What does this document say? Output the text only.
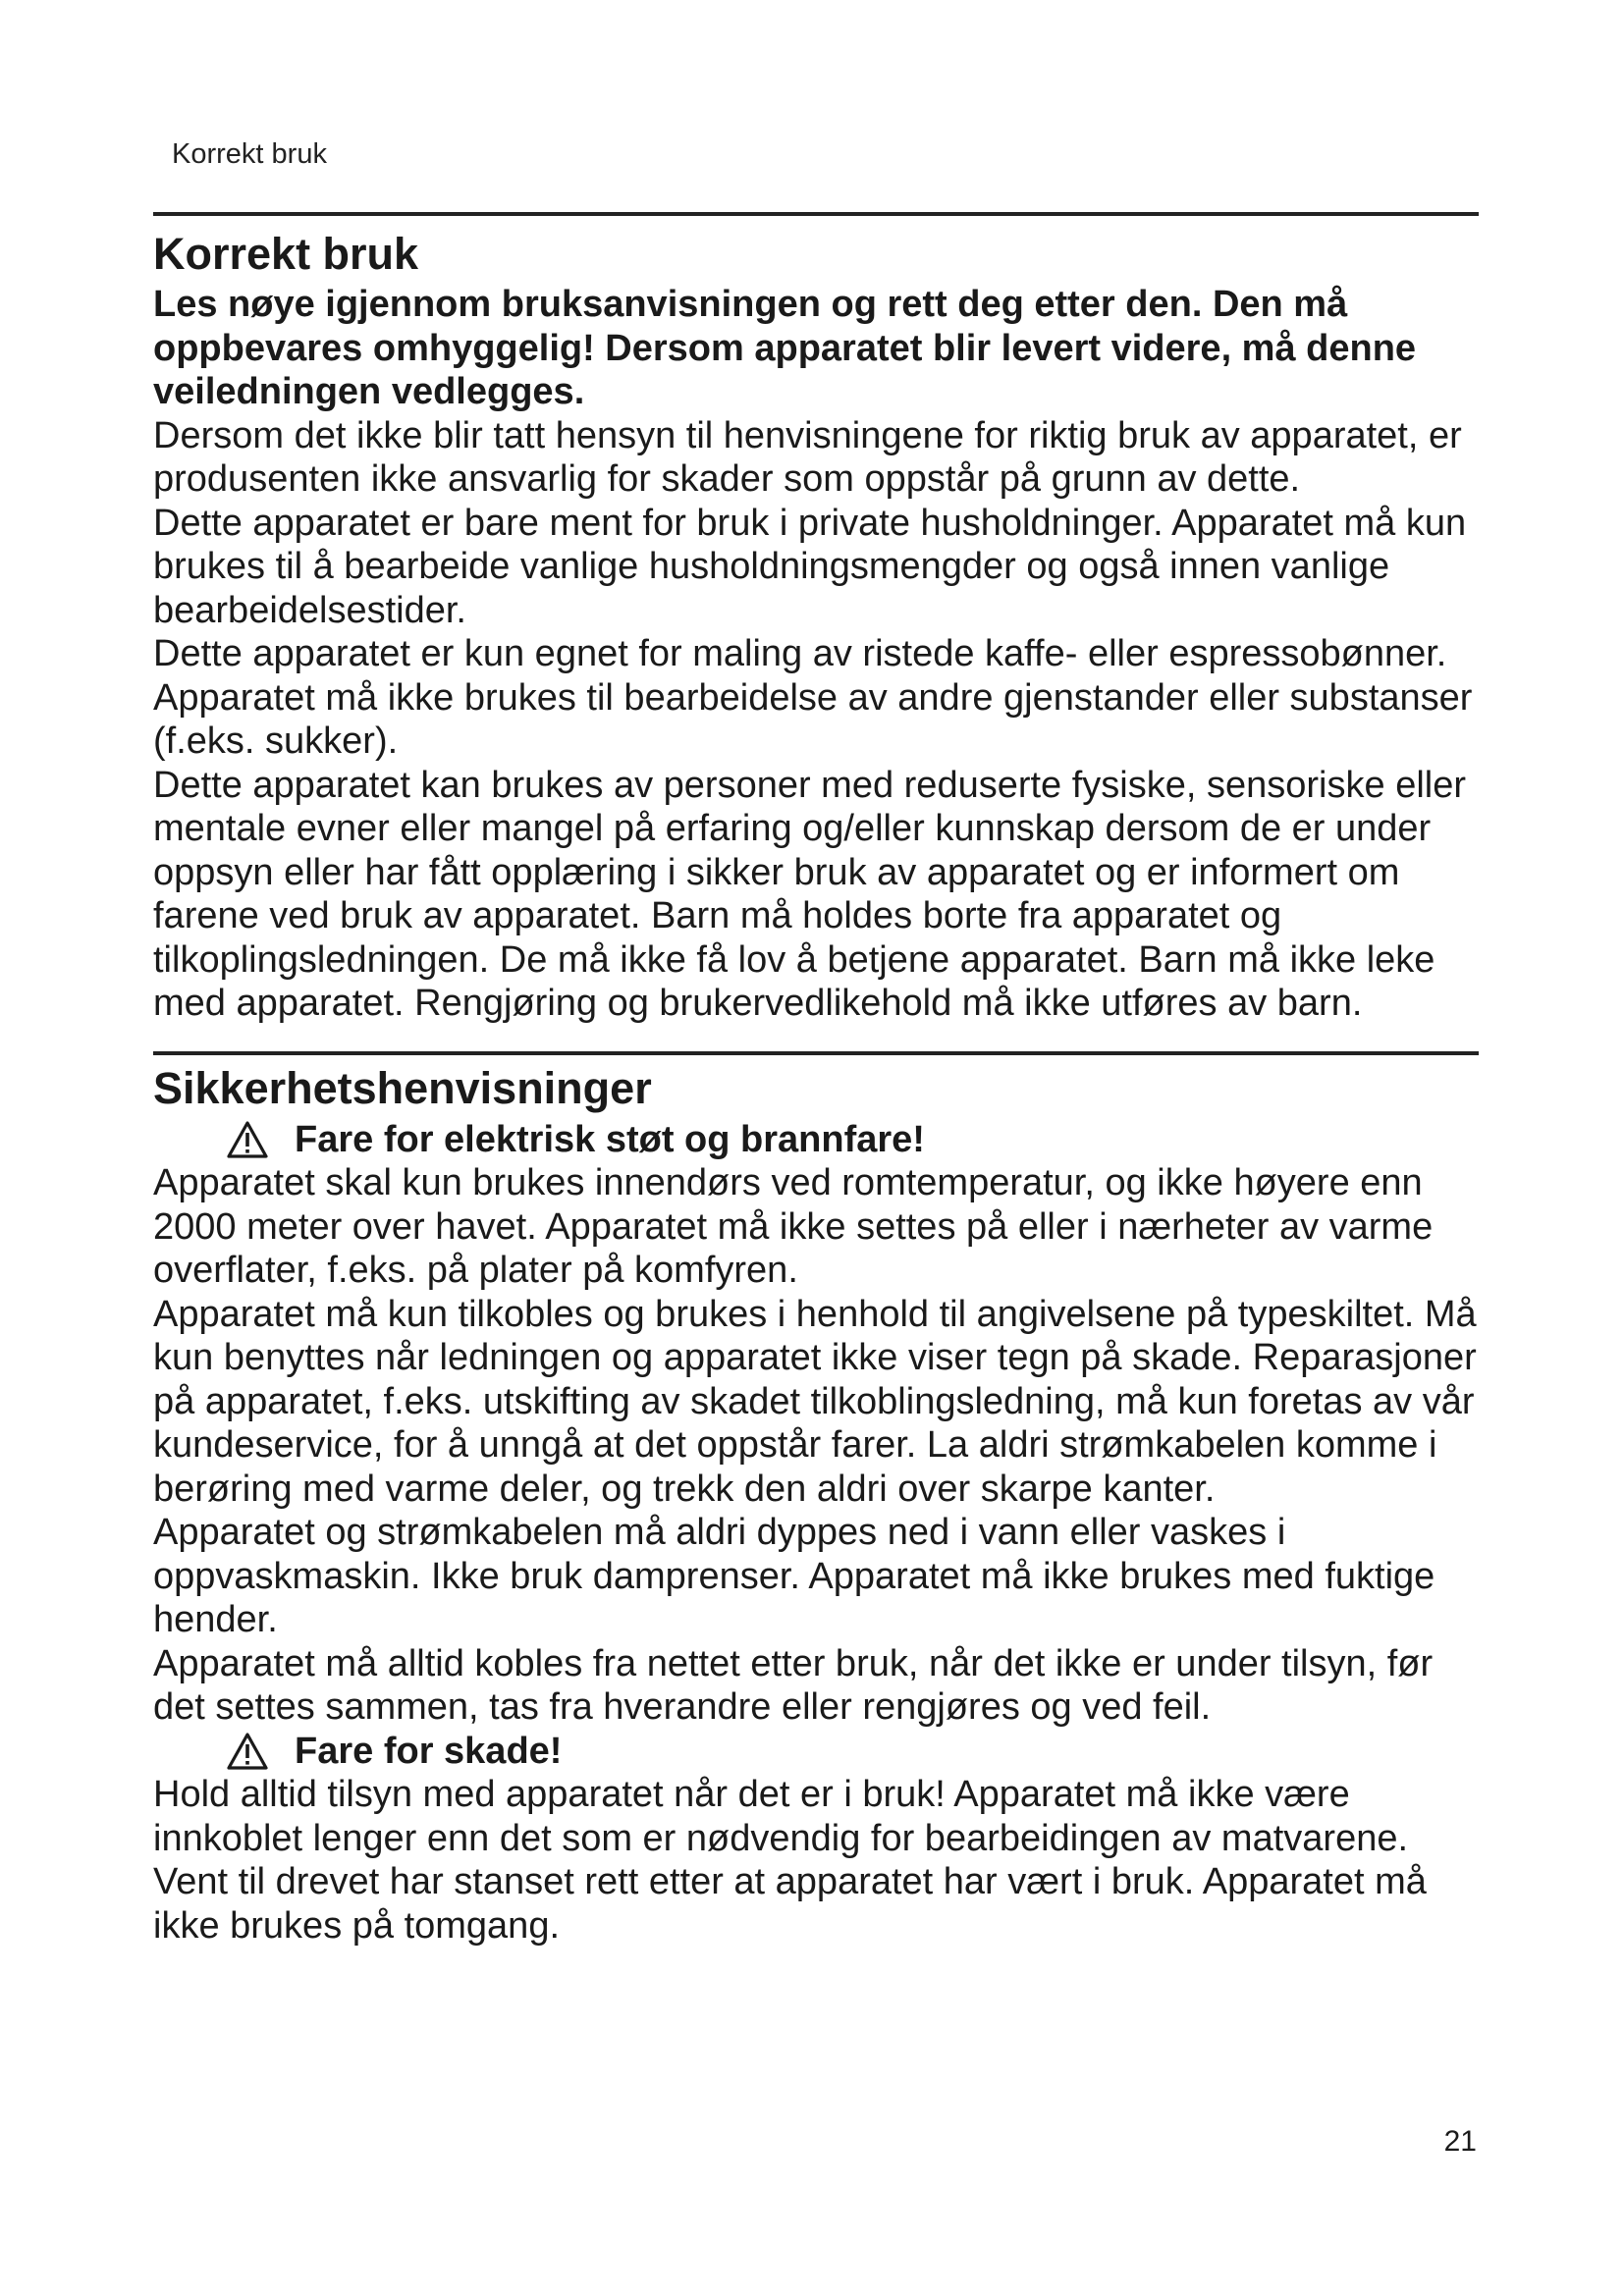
Korrekt bruk
Korrekt bruk
Les nøye igjennom bruksanvisningen og rett deg etter den. Den må oppbevares omhyggelig! Dersom apparatet blir levert videre, må denne veiledningen vedlegges.

Dersom det ikke blir tatt hensyn til henvisningene for riktig bruk av apparatet, er produsenten ikke ansvarlig for skader som oppstår på grunn av dette.

Dette apparatet er bare ment for bruk i private husholdninger. Apparatet må kun brukes til å bearbeide vanlige husholdningsmengder og også innen vanlige bearbeidelsestider.

Dette apparatet er kun egnet for maling av ristede kaffe- eller espressobønner. Apparatet må ikke brukes til bearbeidelse av andre gjenstander eller substanser (f.eks. sukker).

Dette apparatet kan brukes av personer med reduserte fysiske, sensoriske eller mentale evner eller mangel på erfaring og/eller kunnskap dersom de er under oppsyn eller har fått opplæring i sikker bruk av apparatet og er informert om farene ved bruk av apparatet. Barn må holdes borte fra apparatet og tilkoplingsledningen. De må ikke få lov å betjene apparatet. Barn må ikke leke med apparatet. Rengjøring og brukervedlikehold må ikke utføres av barn.

Sikkerhetshenvisninger
Fare for elektrisk støt og brannfare!

Apparatet skal kun brukes innendørs ved romtemperatur, og ikke høyere enn 2000 meter over havet. Apparatet må ikke settes på eller i nærheter av varme overflater, f.eks. på plater på komfyren.

Apparatet må kun tilkobles og brukes i henhold til angivelsene på typeskiltet. Må kun benyttes når ledningen og apparatet ikke viser tegn på skade. Reparasjoner på apparatet, f.eks. utskifting av skadet tilkoblingsledning, må kun foretas av vår kundeservice, for å unngå at det oppstår farer. La aldri strømkabelen komme i berøring med varme deler, og trekk den aldri over skarpe kanter.

Apparatet og strømkabelen må aldri dyppes ned i vann eller vaskes i oppvaskmaskin. Ikke bruk damprenser. Apparatet må ikke brukes med fuktige hender.

Apparatet må alltid kobles fra nettet etter bruk, når det ikke er under tilsyn, før det settes sammen, tas fra hverandre eller rengjøres og ved feil.

Fare for skade!

Hold alltid tilsyn med apparatet når det er i bruk! Apparatet må ikke være innkoblet lenger enn det som er nødvendig for bearbeidingen av matvarene. Vent til drevet har stanset rett etter at apparatet har vært i bruk. Apparatet må ikke brukes på tomgang.

21
